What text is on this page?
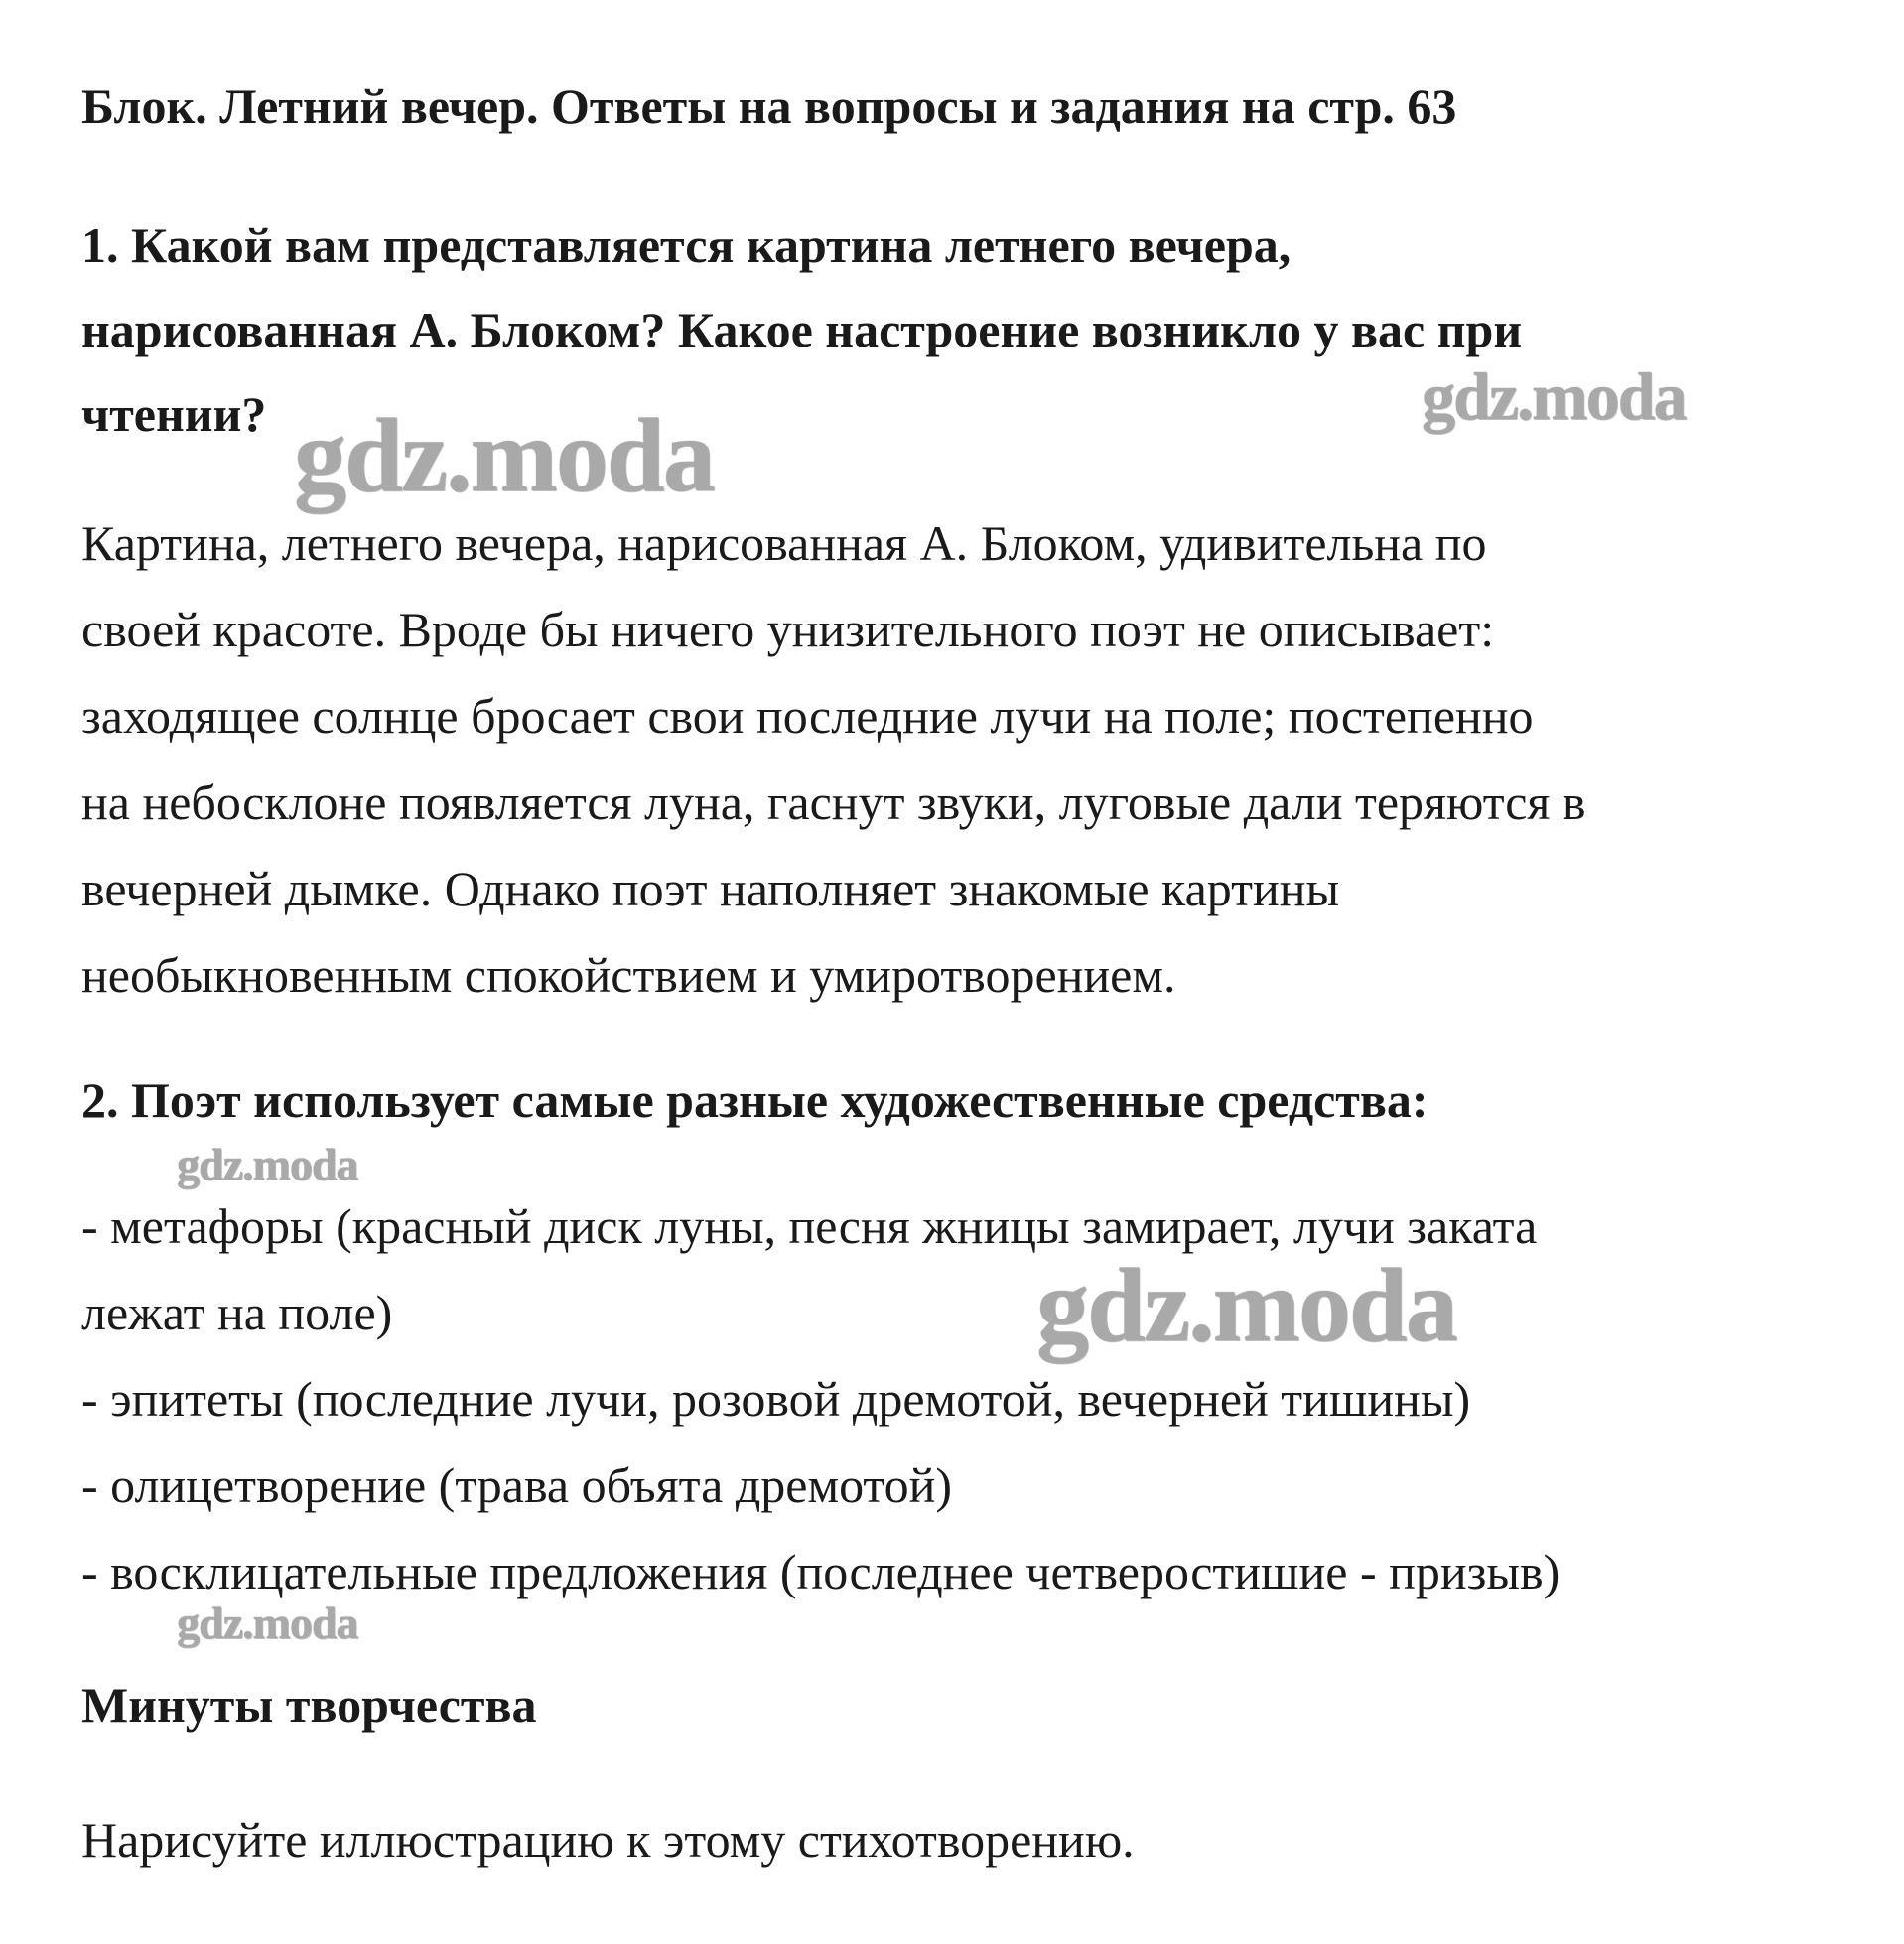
Блок. Летний вечер. Ответы на вопросы и задания на стр. 63
1. Какой вам представляется картина летнего вечера,
нарисованная А. Блоком? Какое настроение возникло у вас при
чтении?
Картина, летнего вечера, нарисованная А. Блоком, удивительна по
своей красоте. Вроде бы ничего унизительного поэт не описывает:
заходящее солнце бросает свои последние лучи на поле; постепенно
на небосклоне появляется луна, гаснут звуки, луговые дали теряются в
вечерней дымке. Однако поэт наполняет знакомые картины
необыкновенным спокойствием и умиротворением.
2. Поэт использует самые разные художественные средства:
- метафоры (красный диск луны, песня жницы замирает, лучи заката
лежат на поле)
- эпитеты (последние лучи, розовой дремотой, вечерней тишины)
- олицетворение (трава объята дремотой)
- восклицательные предложения (последнее четверостишие - призыв)
Минуты творчества
Нарисуйте иллюстрацию к этому стихотворению.
gdz.moda
gdz.moda
gdz.moda
gdz.moda
gdz.moda
